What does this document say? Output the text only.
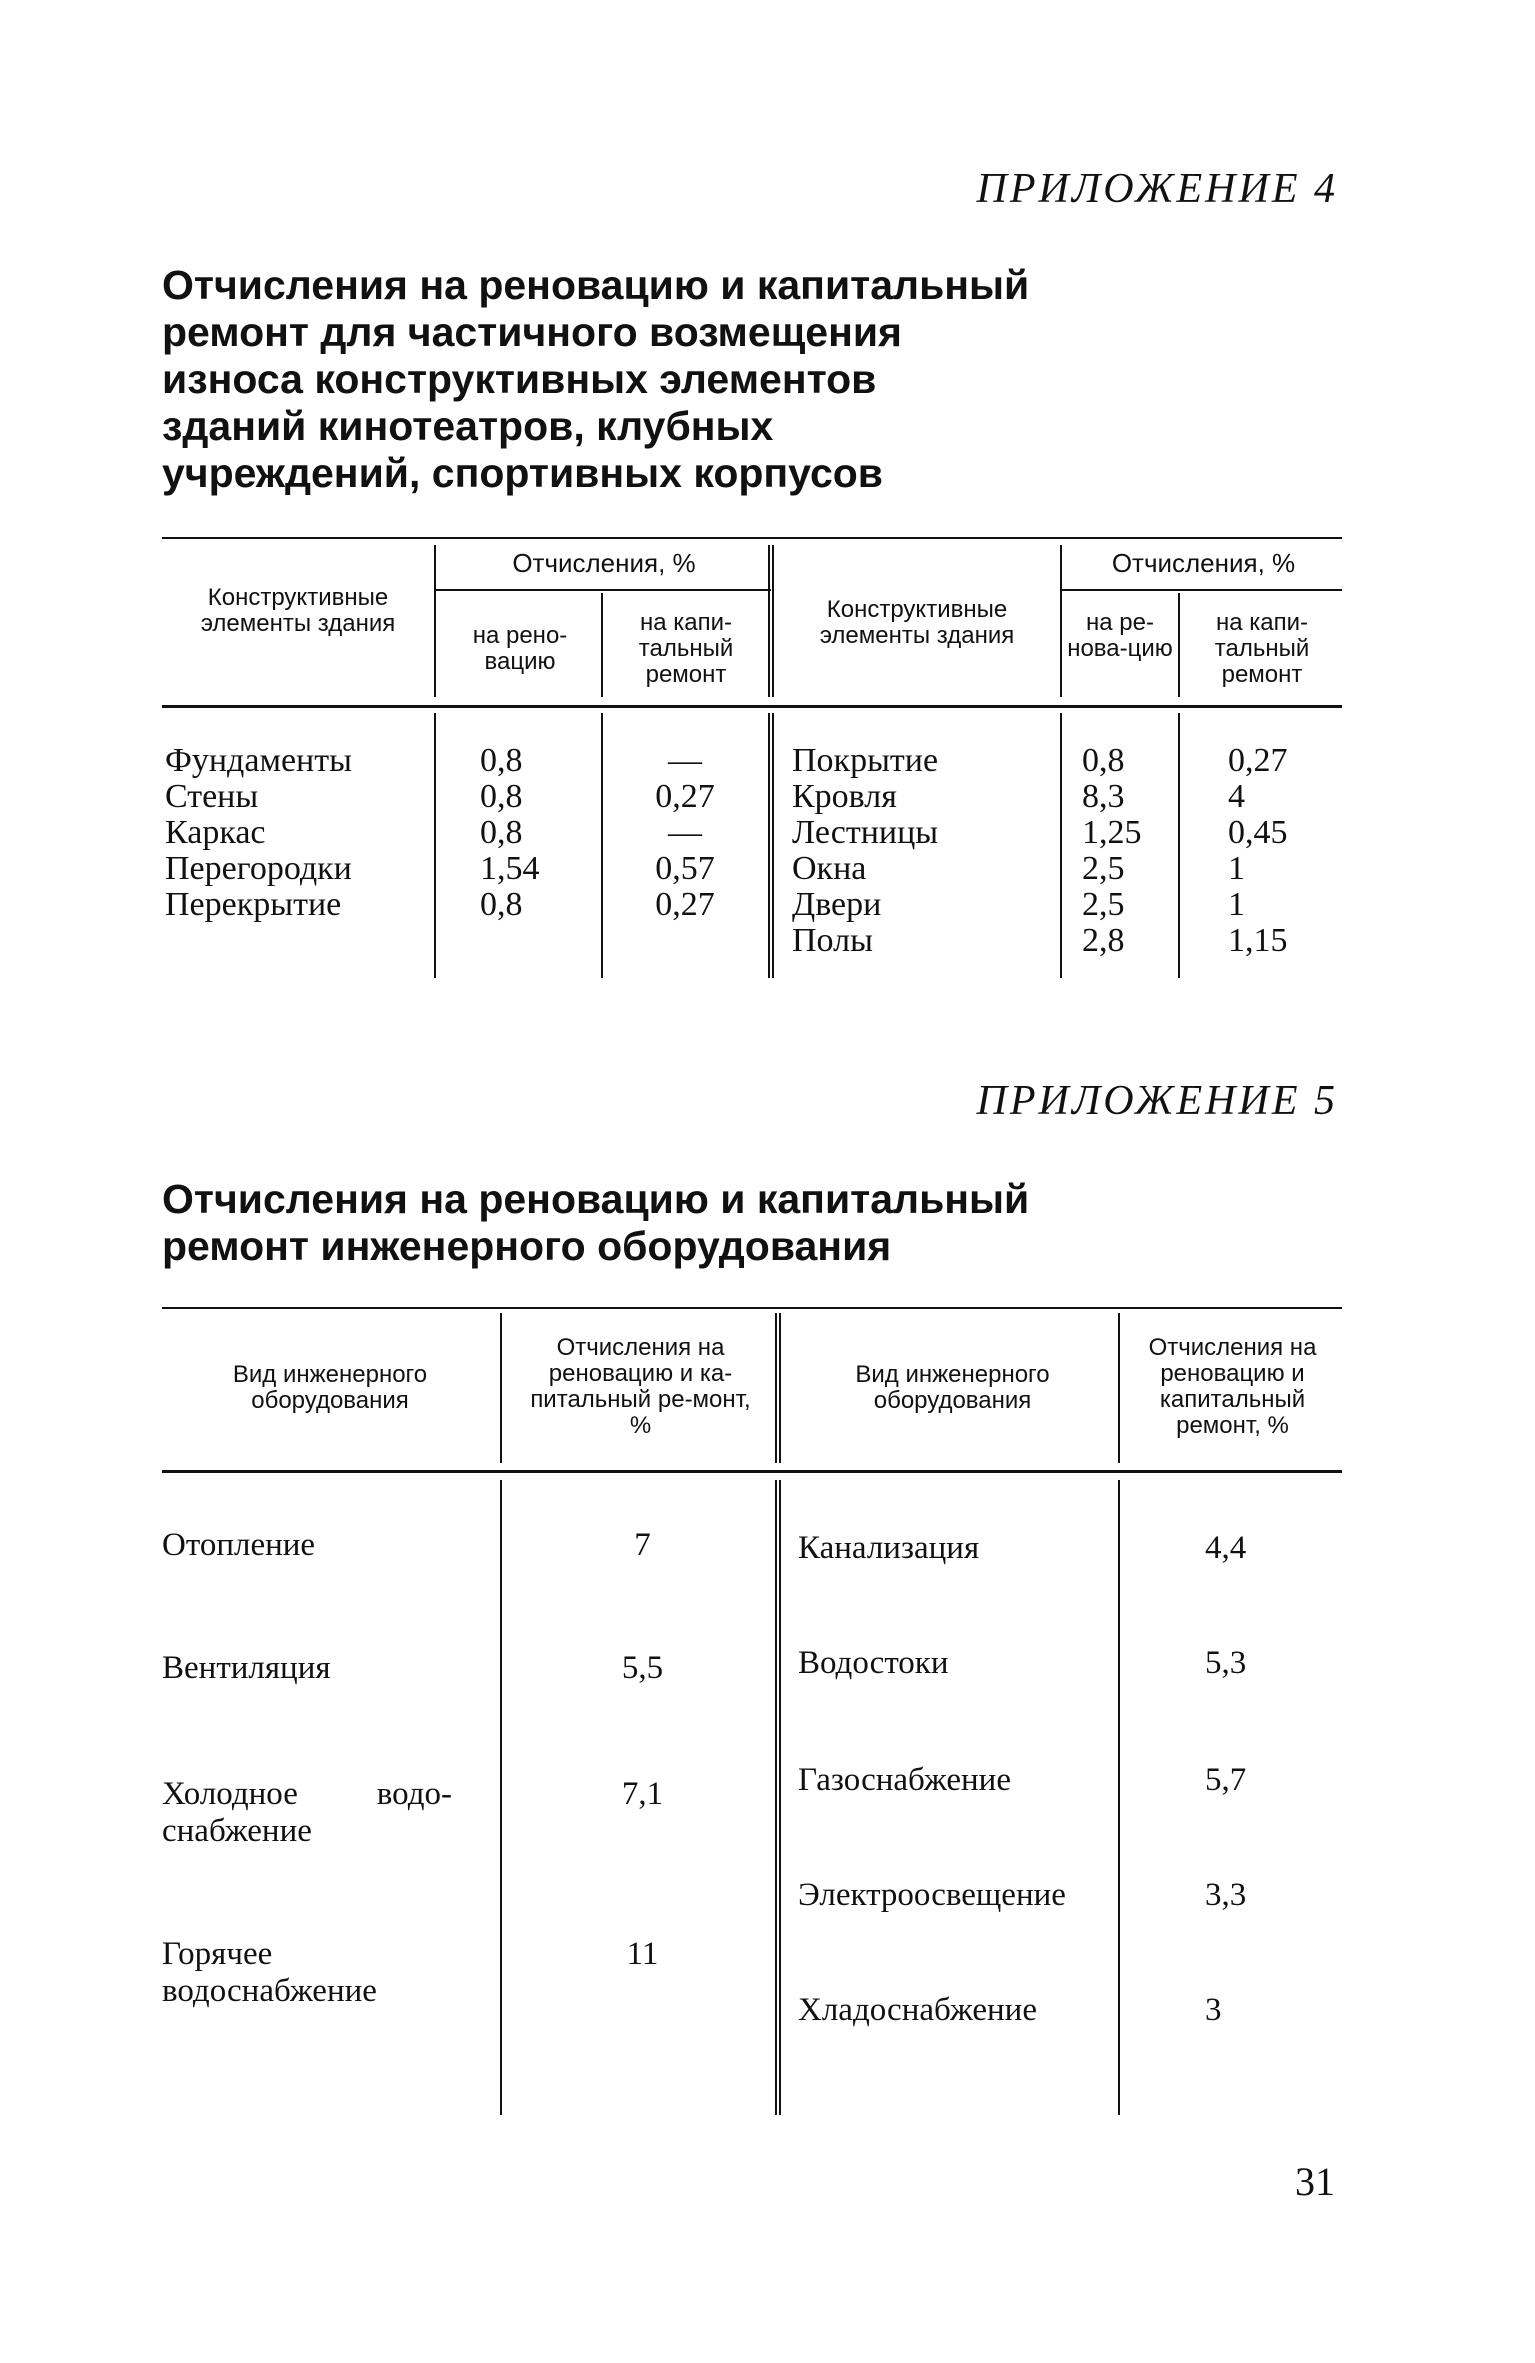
ПРИЛОЖЕНИЕ 4
Отчисления на реновацию и капитальный
ремонт для частичного возмещения
износа конструктивных элементов
зданий кинотеатров, клубных
учреждений, спортивных корпусов
Конструктивные элементы здания
Отчисления, %
на рено-вацию
на капи-тальный ремонт
Конструктивные элементы здания
Отчисления, %
на ре-нова-цию
на капи-тальный ремонт
Фундаменты
Стены
Каркас
Перегородки
Перекрытие
0,8
0,8
0,8
1,54
0,8
—
0,27
—
0,57
0,27
Покрытие
Кровля
Лестницы
Окна
Двери
Полы
0,8
8,3
1,25
2,5
2,5
2,8
0,27
4
0,45
1
1
1,15
ПРИЛОЖЕНИЕ 5
Отчисления на реновацию и капитальный
ремонт инженерного оборудования
Вид инженерного оборудования
Отчисления на реновацию и ка-питальный ре-монт, %
Вид инженерного оборудования
Отчисления на реновацию и капитальный ремонт, %
Отопление
Вентиляция
Холодное водо-снабжение
Горячее водоснабжение
7
5,5
7,1
11
Канализация
Водостоки
Газоснабжение
Электроосвещение
Хладоснабжение
4,4
5,3
5,7
3,3
3
31
